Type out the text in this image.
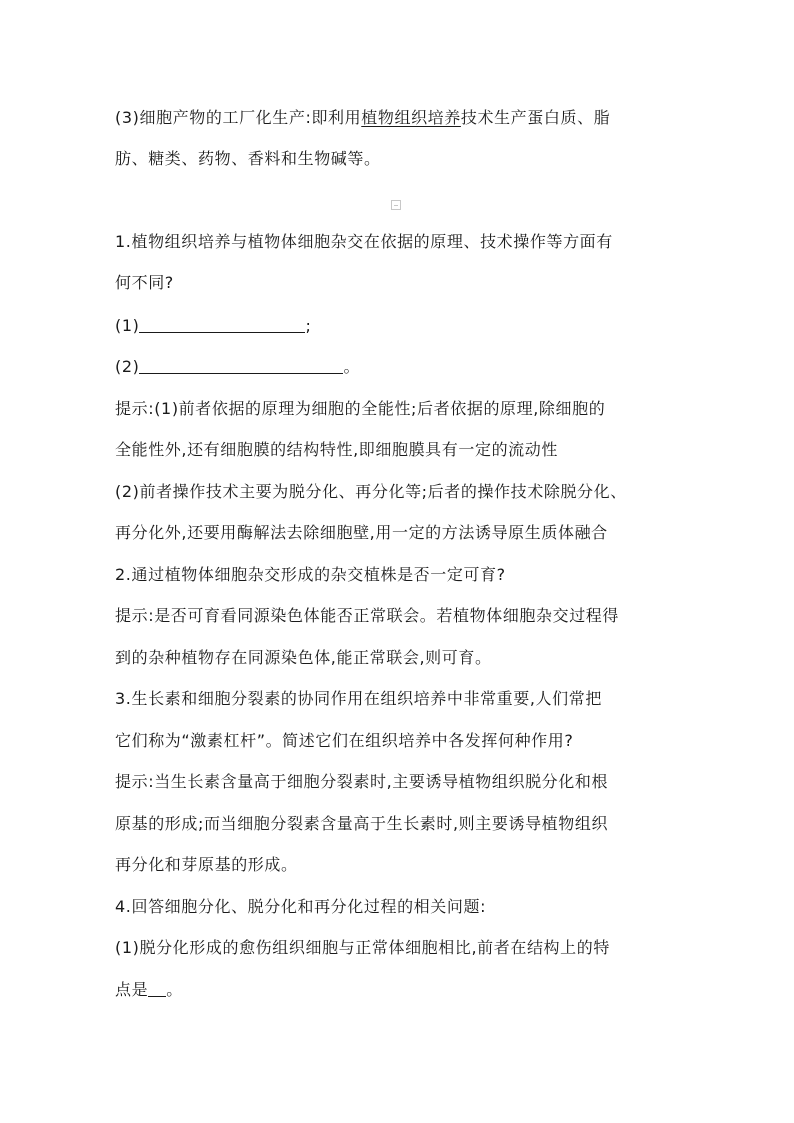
(3)细胞产物的工厂化生产:即利用植物组织培养技术生产蛋白质、脂
肪、糖类、药物、香料和生物碱等。
1.植物组织培养与植物体细胞杂交在依据的原理、技术操作等方面有
何不同?
(1)	;
(2)	。
提示:(1)前者依据的原理为细胞的全能性;后者依据的原理,除细胞的
全能性外,还有细胞膜的结构特性,即细胞膜具有一定的流动性
(2)前者操作技术主要为脱分化、再分化等;后者的操作技术除脱分化、
再分化外,还要用酶解法去除细胞壁,用一定的方法诱导原生质体融合
2.通过植物体细胞杂交形成的杂交植株是否一定可育?
提示:是否可育看同源染色体能否正常联会。若植物体细胞杂交过程得
到的杂种植物存在同源染色体,能正常联会,则可育。
3.生长素和细胞分裂素的协同作用在组织培养中非常重要,人们常把
它们称为“激素杠杆”。简述它们在组织培养中各发挥何种作用?
提示:当生长素含量高于细胞分裂素时,主要诱导植物组织脱分化和根
原基的形成;而当细胞分裂素含量高于生长素时,则主要诱导植物组织
再分化和芽原基的形成。
4.回答细胞分化、脱分化和再分化过程的相关问题:
(1)脱分化形成的愈伤组织细胞与正常体细胞相比,前者在结构上的特
点是 。
